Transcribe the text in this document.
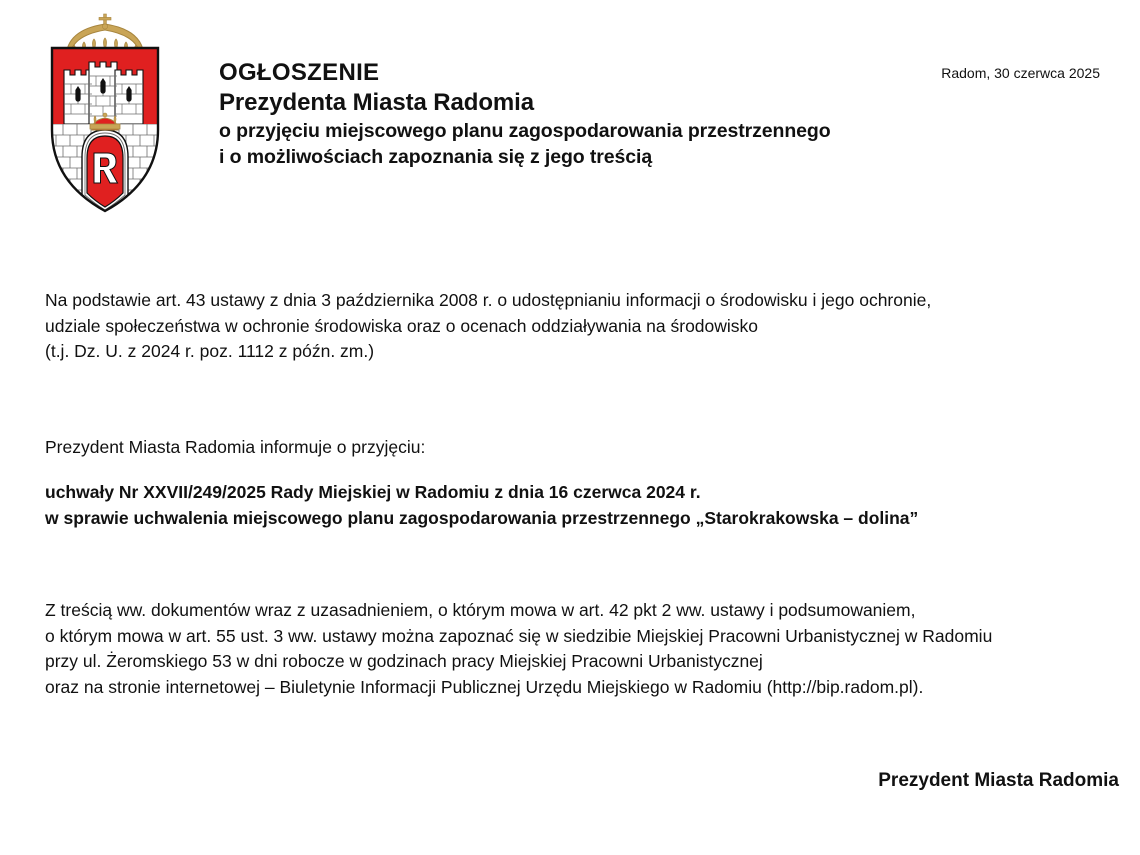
OGŁOSZENIE
Prezydenta Miasta Radomia
o przyjęciu miejscowego planu zagospodarowania przestrzennego
i o możliwościach zapoznania się z jego treścią
Radom, 30 czerwca 2025
Na podstawie art. 43 ustawy z dnia 3 października 2008 r. o udostępnianiu informacji o środowisku i jego ochronie,
udziale społeczeństwa w ochronie środowiska oraz o ocenach oddziaływania na środowisko
(t.j. Dz. U. z 2024 r. poz. 1112 z późn. zm.)
Prezydent Miasta Radomia informuje o przyjęciu:
uchwały Nr XXVII/249/2025 Rady Miejskiej w Radomiu z dnia 16 czerwca 2024 r.
w sprawie uchwalenia miejscowego planu zagospodarowania przestrzennego „Starokrakowska – dolina”
Z treścią ww. dokumentów wraz z uzasadnieniem, o którym mowa w art. 42 pkt 2 ww. ustawy i podsumowaniem,
o którym mowa w art. 55 ust. 3 ww. ustawy można zapoznać się w siedzibie Miejskiej Pracowni Urbanistycznej w Radomiu
przy ul. Żeromskiego 53 w dni robocze w godzinach pracy Miejskiej Pracowni Urbanistycznej
oraz na stronie internetowej – Biuletynie Informacji Publicznej Urzędu Miejskiego w Radomiu (http://bip.radom.pl).
Prezydent Miasta Radomia
